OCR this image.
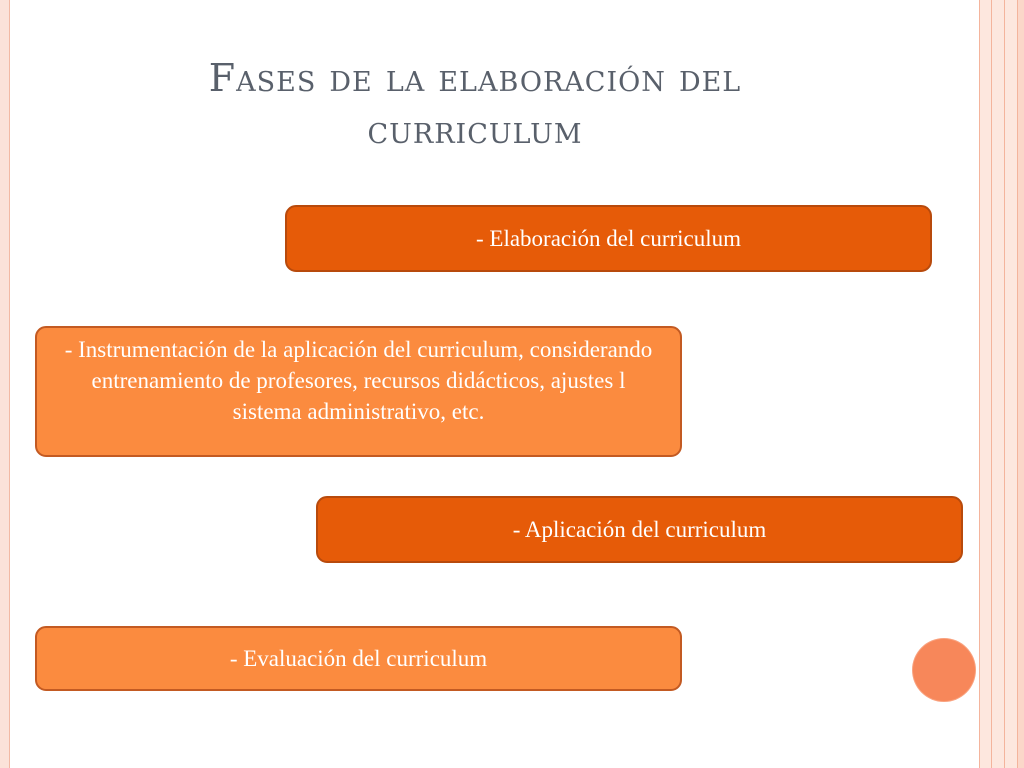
Fases de la elaboración del curriculum
- Elaboración del curriculum
- Instrumentación de la aplicación del curriculum, considerando entrenamiento de profesores, recursos didácticos, ajustes l sistema administrativo, etc.
- Aplicación del curriculum
- Evaluación del curriculum
